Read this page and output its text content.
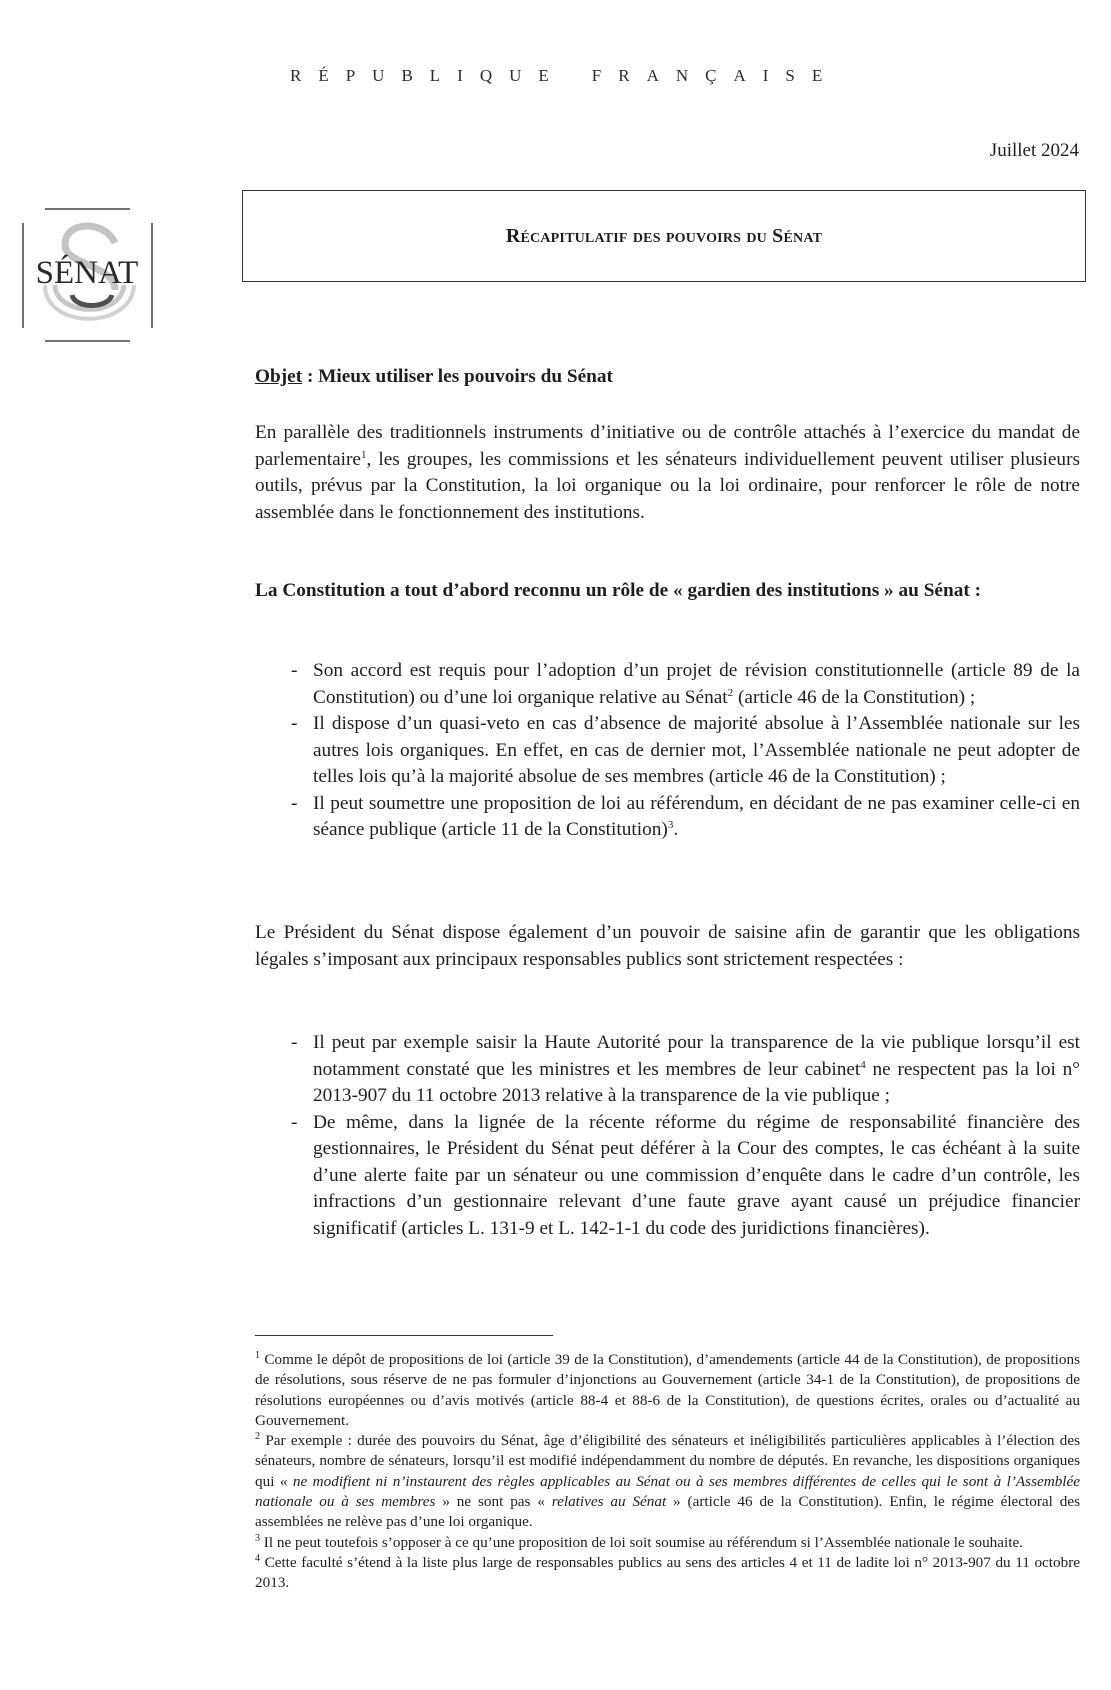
RÉPUBLIQUE FRANÇAISE
Juillet 2024
SÉNAT
Récapitulatif des pouvoirs du Sénat
Objet : Mieux utiliser les pouvoirs du Sénat

En parallèle des traditionnels instruments d’initiative ou de contrôle attachés à l’exercice du mandat de parlementaire$^1$, les groupes, les commissions et les sénateurs individuellement peuvent utiliser plusieurs outils, prévus par la Constitution, la loi organique ou la loi ordinaire, pour renforcer le rôle de notre assemblée dans le fonctionnement des institutions.

La Constitution a tout d’abord reconnu un rôle de « gardien des institutions » au Sénat :

- Son accord est requis pour l’adoption d’un projet de révision constitutionnelle (article 89 de la Constitution) ou d’une loi organique relative au Sénat$^2$ (article 46 de la Constitution) ;
- Il dispose d’un quasi-veto en cas d’absence de majorité absolue à l’Assemblée nationale sur les autres lois organiques. En effet, en cas de dernier mot, l’Assemblée nationale ne peut adopter de telles lois qu’à la majorité absolue de ses membres (article 46 de la Constitution) ;
- Il peut soumettre une proposition de loi au référendum, en décidant de ne pas examiner celle-ci en séance publique (article 11 de la Constitution)$^3$.

Le Président du Sénat dispose également d’un pouvoir de saisine afin de garantir que les obligations légales s’imposant aux principaux responsables publics sont strictement respectées :

- Il peut par exemple saisir la Haute Autorité pour la transparence de la vie publique lorsqu’il est notamment constaté que les ministres et les membres de leur cabinet$^4$ ne respectent pas la loi n° 2013-907 du 11 octobre 2013 relative à la transparence de la vie publique ;
- De même, dans la lignée de la récente réforme du régime de responsabilité financière des gestionnaires, le Président du Sénat peut déférer à la Cour des comptes, le cas échéant à la suite d’une alerte faite par un sénateur ou une commission d’enquête dans le cadre d’un contrôle, les infractions d’un gestionnaire relevant d’une faute grave ayant causé un préjudice financier significatif (articles L. 131-9 et L. 142-1-1 du code des juridictions financières).

$^1$ Comme le dépôt de propositions de loi (article 39 de la Constitution), d’amendements (article 44 de la Constitution), de propositions de résolutions, sous réserve de ne pas formuler d’injonctions au Gouvernement (article 34-1 de la Constitution), de propositions de résolutions européennes ou d’avis motivés (article 88-4 et 88-6 de la Constitution), de questions écrites, orales ou d’actualité au Gouvernement.

$^2$ Par exemple : durée des pouvoirs du Sénat, âge d’éligibilité des sénateurs et inéligibilités particulières applicables à l’élection des sénateurs, nombre de sénateurs, lorsqu’il est modifié indépendamment du nombre de députés. En revanche, les dispositions organiques qui « ne modifient ni n’instaurent des règles applicables au Sénat ou à ses membres différentes de celles qui le sont à l’Assemblée nationale ou à ses membres » ne sont pas « relatives au Sénat » (article 46 de la Constitution). Enfin, le régime électoral des assemblées ne relève pas d’une loi organique.

$^3$ Il ne peut toutefois s’opposer à ce qu’une proposition de loi soit soumise au référendum si l’Assemblée nationale le souhaite.

$^4$ Cette faculté s’étend à la liste plus large de responsables publics au sens des articles 4 et 11 de ladite loi n° 2013-907 du 11 octobre 2013.
